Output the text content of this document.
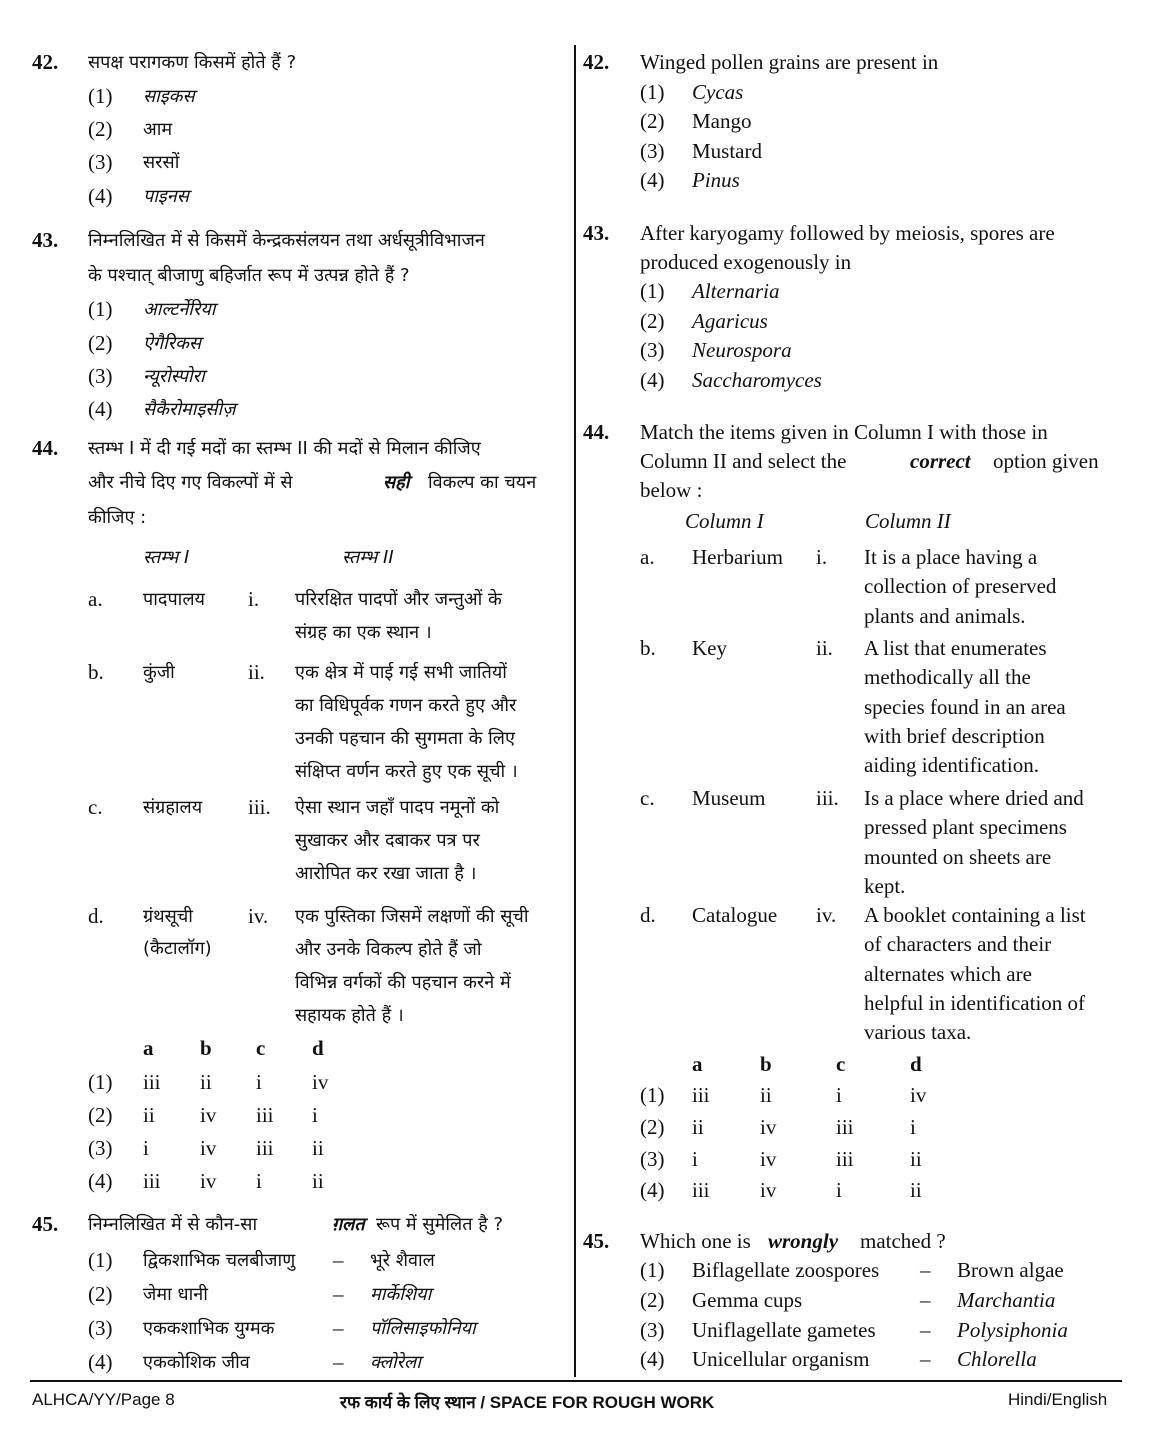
42. सपक्ष परागकण किसमें होते हैं ?
(1) साइकस
(2) आम
(3) सरसों
(4) पाइनस
43. निम्नलिखित में से किसमें केन्द्रकसंलयन तथा अर्धसूत्रीविभाजन
के पश्चात् बीजाणु बहिर्जात रूप में उत्पन्न होते हैं ?
(1) आल्टर्नेरिया
(2) ऐगैरिकस
(3) न्यूरोस्पोरा
(4) सैकैरोमाइसीज़
44. स्तम्भ I में दी गई मदों का स्तम्भ II की मदों से मिलान कीजिए
और नीचे दिए गए विकल्पों में से	सही विकल्प का चयन
कीजिए :
स्तम्भ I	स्तम्भ II
a. पादपालय i. परिरक्षित पादपों और जन्तुओं के
संग्रह का एक स्थान ।
b. कुंजी	ii. एक क्षेत्र में पाई गई सभी जातियों
का विधिपूर्वक गणन करते हुए और
उनकी पहचान की सुगमता के लिए
संक्षिप्त वर्णन करते हुए एक सूची ।
c. संग्रहालय iii. ऐसा स्थान जहाँ पादप नमूनों को
सुखाकर और दबाकर पत्र पर
आरोपित कर रखा जाता है ।
d. ग्रंथसूची
(कैटालॉग)
iv. एक पुस्तिका जिसमें लक्षणों की सूची
और उनके विकल्प होते हैं जो
विभिन्न वर्गकों की पहचान करने में
सहायक होते हैं ।
a b c d
(1) iii ii i iv
(2) ii iv iii i
(3) i iv iii ii
(4) iii iv i ii
45. निम्नलिखित में से कौन-सा	ग़लत रूप में सुमेलित है ?
(1) द्विकशाभिक चलबीजाणु – भूरे शैवाल
(2) जेमा धानी	– मार्केशिया
(3) एककशाभिक युग्मक	– पॉलिसाइफोनिया
(4) एककोशिक जीव	– क्लोरेला
42. Winged pollen grains are present in
(1) Cycas
(2) Mango
(3) Mustard
(4) Pinus
43. After karyogamy followed by meiosis, spores are
produced exogenously in
(1) Alternaria
(2) Agaricus
(3) Neurospora
(4) Saccharomyces
44. Match the items given in Column I with those in
Column II and select the	correct option given
below :
Column I	Column II
a. Herbarium i. It is a place having a
collection of preserved
plants and animals.
b. Key	ii. A list that enumerates
methodically all the
species found in an area
with brief description
aiding identification.
c. Museum iii. Is a place where dried and
pressed plant specimens
mounted on sheets are
kept.
d. Catalogue iv. A booklet containing a list
of characters and their
alternates which are
helpful in identification of
various taxa.
a	b	c	d
(1) iii ii	i	iv
(2) ii	iv	iii	i
(3) i	iv	iii	ii
(4) iii iv	i	ii
45. Which one is wrongly matched ?
(1) Biflagellate zoospores – Brown algae
(2) Gemma cups	– Marchantia
(3) Uniflagellate gametes – Polysiphonia
(4) Unicellular organism – Chlorella
ALHCA/YY/Page 8	रफ कार्य के लिए स्थान / SPACE FOR ROUGH WORK	Hindi/English
